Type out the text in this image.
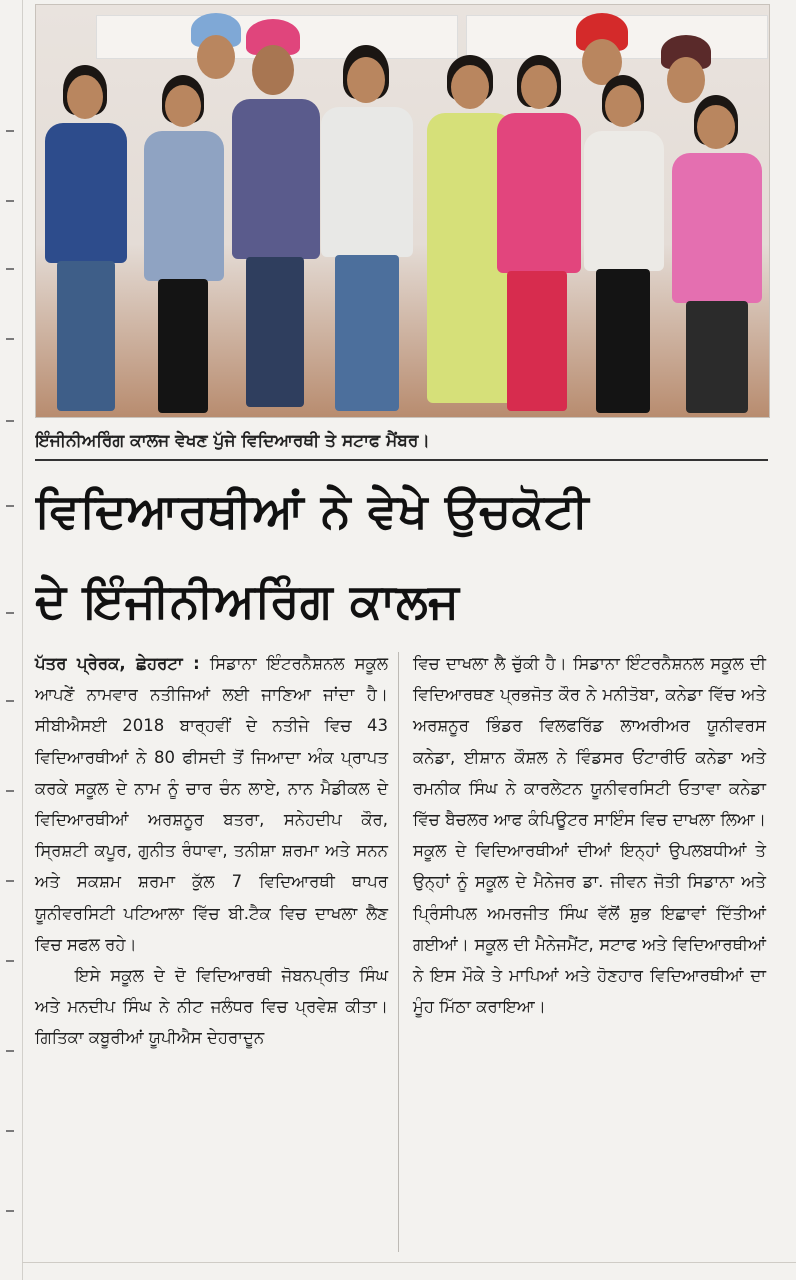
ਇੰਜੀਨੀਅਰਿੰਗ ਕਾਲਜ ਵੇਖਣ ਪੁੱਜੇ ਵਿਦਿਆਰਥੀ ਤੇ ਸਟਾਫ ਮੈਂਬਰ।
ਵਿਦਿਆਰਥੀਆਂ ਨੇ ਵੇਖੇ ਉਚਕੋਟੀ
ਦੇ ਇੰਜੀਨੀਅਰਿੰਗ ਕਾਲਜ

ਪੱਤਰ ਪ੍ਰੇਰਕ, ਛੇਹਰਟਾ : ਸਿਡਾਨਾ ਇੰਟਰਨੈਸ਼ਨਲ ਸਕੂਲ ਆਪਣੇਂ ਨਾਮਵਾਰ ਨਤੀਜਿਆਂ ਲਈ ਜਾਣਿਆ ਜਾਂਦਾ ਹੈ। ਸੀਬੀਐਸਈ 2018 ਬਾਰ੍ਹਵੀਂ ਦੇ ਨਤੀਜੇ ਵਿਚ 43 ਵਿਦਿਆਰਥੀਆਂ ਨੇ 80 ਫੀਸਦੀ ਤੋਂ ਜਿਆਦਾ ਅੰਕ ਪ੍ਰਾਪਤ ਕਰਕੇ ਸਕੂਲ ਦੇ ਨਾਮ ਨੂੰ ਚਾਰ ਚੰਨ ਲਾਏ, ਨਾਨ ਮੈਡੀਕਲ ਦੇ ਵਿਦਿਆਰਥੀਆਂ ਅਰਸ਼ਨੂਰ ਬਤਰਾ, ਸਨੇਹਦੀਪ ਕੌਰ, ਸ੍ਰਿਸ਼ਟੀ ਕਪੂਰ, ਗੁਨੀਤ ਰੰਧਾਵਾ, ਤਨੀਸ਼ਾ ਸ਼ਰਮਾ ਅਤੇ ਸਨਨ ਅਤੇ ਸਕਸ਼ਮ ਸ਼ਰਮਾ ਕੁੱਲ 7 ਵਿਦਿਆਰਥੀ ਥਾਪਰ ਯੂਨੀਵਰਸਿਟੀ ਪਟਿਆਲਾ ਵਿੱਚ ਬੀ.ਟੈਕ ਵਿਚ ਦਾਖਲਾ ਲੈਣ ਵਿਚ ਸਫਲ ਰਹੇ।

ਇਸੇ ਸਕੂਲ ਦੇ ਦੋ ਵਿਦਿਆਰਥੀ ਜੋਬਨਪ੍ਰੀਤ ਸਿੰਘ ਅਤੇ ਮਨਦੀਪ ਸਿੰਘ ਨੇ ਨੀਟ ਜਲੰਧਰ ਵਿਚ ਪ੍ਰਵੇਸ਼ ਕੀਤਾ। ਗਿਤਿਕਾ ਕਬੂਰੀਆਂ ਯੂਪੀਐਸ ਦੇਹਰਾਦੂਨ

ਵਿਚ ਦਾਖਲਾ ਲੈ ਚੁੱਕੀ ਹੈ। ਸਿਡਾਨਾ ਇੰਟਰਨੈਸ਼ਨਲ ਸਕੂਲ ਦੀ ਵਿਦਿਆਰਥਣ ਪ੍ਰਭਜੋਤ ਕੌਰ ਨੇ ਮਨੀਤੋਬਾ, ਕਨੇਡਾ ਵਿੱਚ ਅਤੇ ਅਰਸ਼ਨੂਰ ਭਿੰਡਰ ਵਿਲਫਰਿੱਡ ਲਾਅਰੀਅਰ ਯੂਨੀਵਰਸ ਕਨੇਡਾ, ਈਸ਼ਾਨ ਕੌਸ਼ਲ ਨੇ ਵਿੰਡਸਰ ਓਂਟਾਰੀਓ ਕਨੇਡਾ ਅਤੇ ਰਮਨੀਕ ਸਿੰਘ ਨੇ ਕਾਰਲੇਟਨ ਯੂਨੀਵਰਸਿਟੀ ਓਤਾਵਾ ਕਨੇਡਾ ਵਿੱਚ ਬੈਚਲਰ ਆਫ ਕੰਪਿਊਟਰ ਸਾਇੰਸ ਵਿਚ ਦਾਖਲਾ ਲਿਆ। ਸਕੂਲ ਦੇ ਵਿਦਿਆਰਥੀਆਂ ਦੀਆਂ ਇਨ੍ਹਾਂ ਉਪਲਬਧੀਆਂ ਤੇ ਉਨ੍ਹਾਂ ਨੂੰ ਸਕੂਲ ਦੇ ਮੈਨੇਜਰ ਡਾ. ਜੀਵਨ ਜੋਤੀ ਸਿਡਾਨਾ ਅਤੇ ਪ੍ਰਿੰਸੀਪਲ ਅਮਰਜੀਤ ਸਿੰਘ ਵੱਲੋਂ ਸ਼ੁਭ ਇਛਾਵਾਂ ਦਿੱਤੀਆਂ ਗਈਆਂ। ਸਕੂਲ ਦੀ ਮੈਨੇਜਮੈਂਟ, ਸਟਾਫ ਅਤੇ ਵਿਦਿਆਰਥੀਆਂ ਨੇ ਇਸ ਮੌਕੇ ਤੇ ਮਾਪਿਆਂ ਅਤੇ ਹੋਣਹਾਰ ਵਿਦਿਆਰਥੀਆਂ ਦਾ ਮੂੰਹ ਮਿੱਠਾ ਕਰਾਇਆ।
